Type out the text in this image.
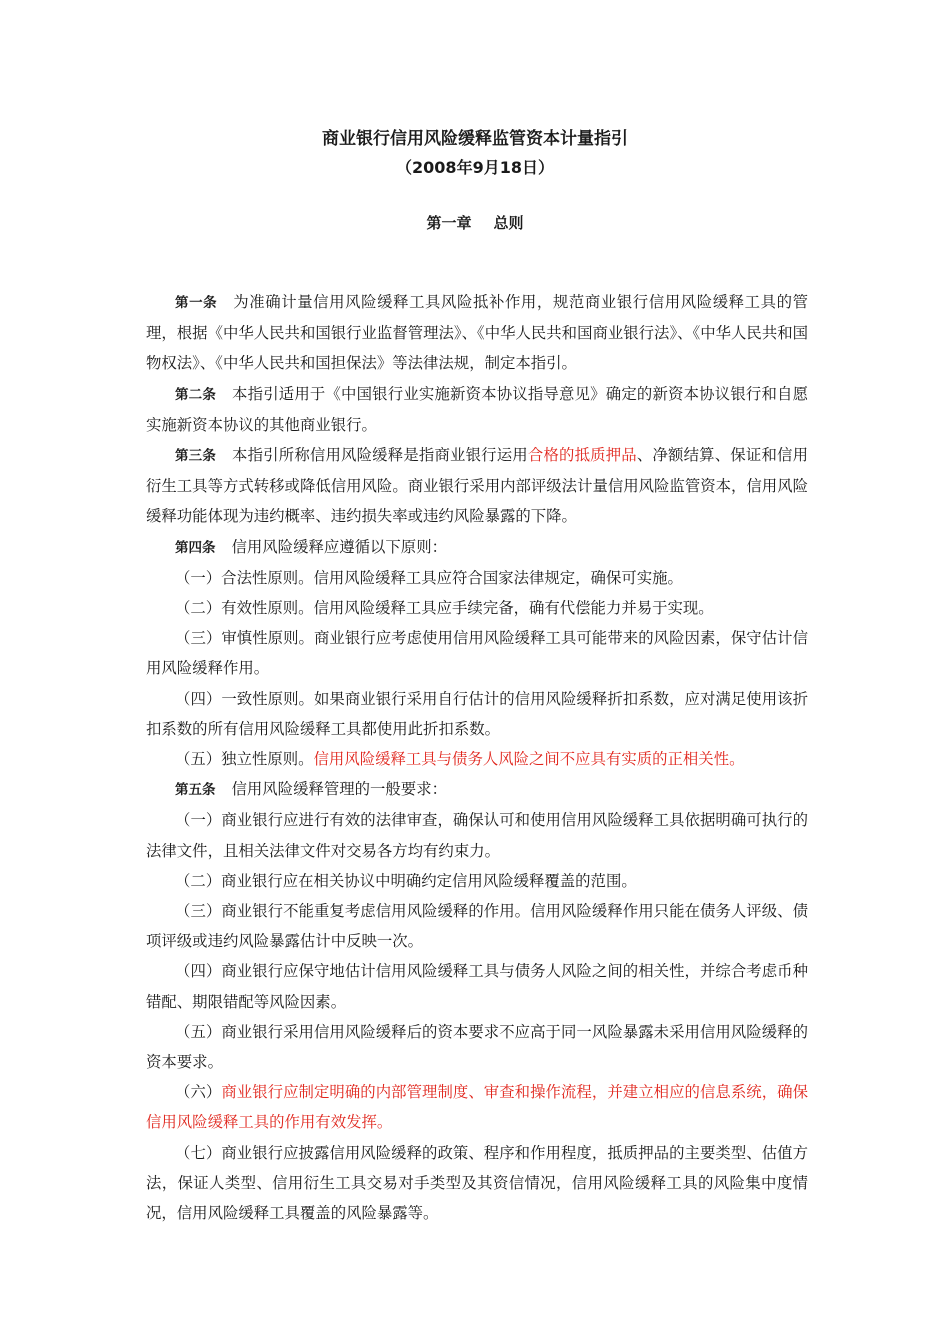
商业银行信用风险缓释监管资本计量指引
（2008年9月18日）
第一章 总则

第一条 为准确计量信用风险缓释工具风险抵补作用，规范商业银行信用风险缓释工具的管理，根据《中华人民共和国银行业监督管理法》、《中华人民共和国商业银行法》、《中华人民共和国物权法》、《中华人民共和国担保法》等法律法规，制定本指引。

第二条 本指引适用于《中国银行业实施新资本协议指导意见》确定的新资本协议银行和自愿实施新资本协议的其他商业银行。

第三条 本指引所称信用风险缓释是指商业银行运用合格的抵质押品、净额结算、保证和信用衍生工具等方式转移或降低信用风险。商业银行采用内部评级法计量信用风险监管资本，信用风险缓释功能体现为违约概率、违约损失率或违约风险暴露的下降。

第四条 信用风险缓释应遵循以下原则：

（一）合法性原则。信用风险缓释工具应符合国家法律规定，确保可实施。

（二）有效性原则。信用风险缓释工具应手续完备，确有代偿能力并易于实现。

（三）审慎性原则。商业银行应考虑使用信用风险缓释工具可能带来的风险因素，保守估计信用风险缓释作用。

（四）一致性原则。如果商业银行采用自行估计的信用风险缓释折扣系数，应对满足使用该折扣系数的所有信用风险缓释工具都使用此折扣系数。

（五）独立性原则。信用风险缓释工具与债务人风险之间不应具有实质的正相关性。

第五条 信用风险缓释管理的一般要求：

（一）商业银行应进行有效的法律审查，确保认可和使用信用风险缓释工具依据明确可执行的法律文件，且相关法律文件对交易各方均有约束力。

（二）商业银行应在相关协议中明确约定信用风险缓释覆盖的范围。

（三）商业银行不能重复考虑信用风险缓释的作用。信用风险缓释作用只能在债务人评级、债项评级或违约风险暴露估计中反映一次。

（四）商业银行应保守地估计信用风险缓释工具与债务人风险之间的相关性，并综合考虑币种错配、期限错配等风险因素。

（五）商业银行采用信用风险缓释后的资本要求不应高于同一风险暴露未采用信用风险缓释的资本要求。

（六）商业银行应制定明确的内部管理制度、审查和操作流程，并建立相应的信息系统，确保信用风险缓释工具的作用有效发挥。

（七）商业银行应披露信用风险缓释的政策、程序和作用程度，抵质押品的主要类型、估值方法，保证人类型、信用衍生工具交易对手类型及其资信情况，信用风险缓释工具的风险集中度情况，信用风险缓释工具覆盖的风险暴露等。
